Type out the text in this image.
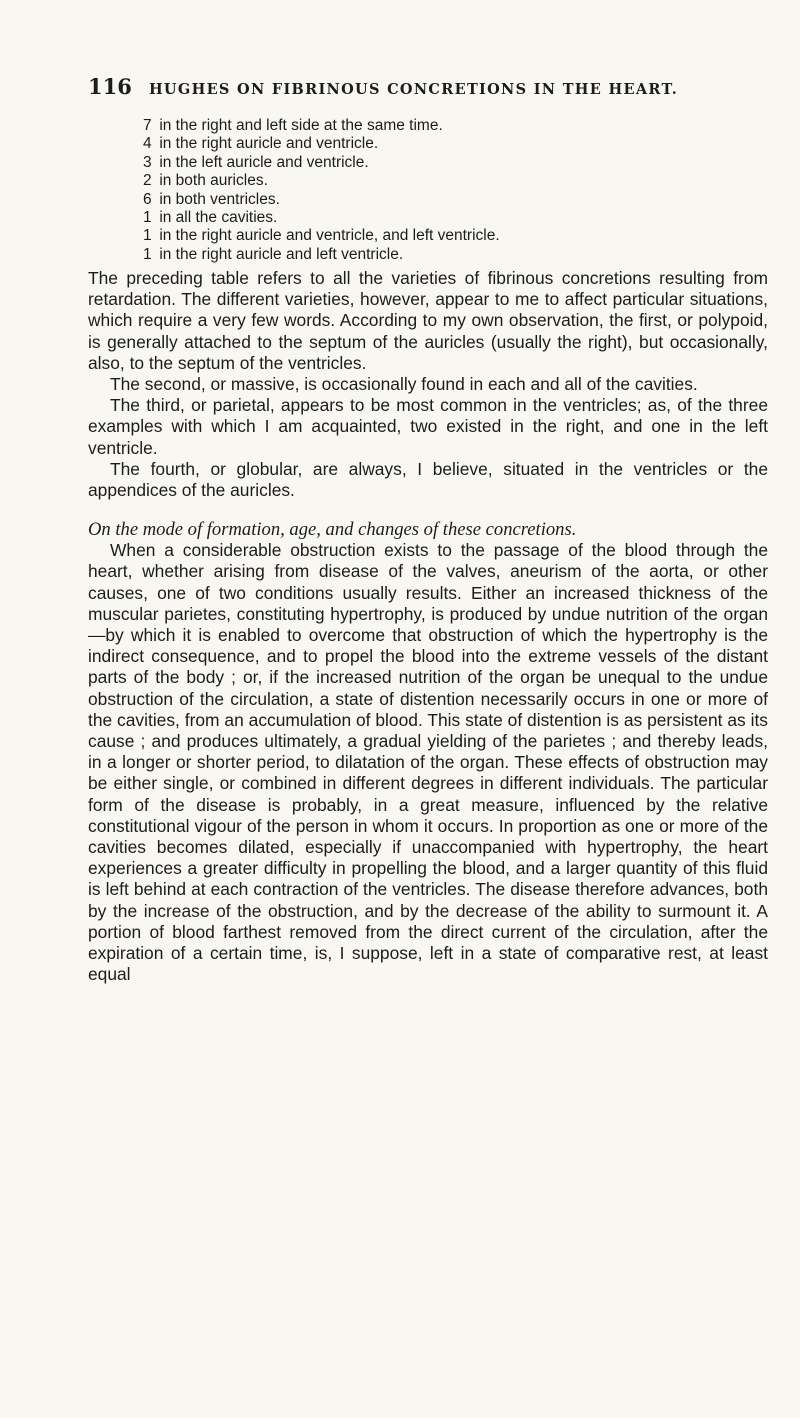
116 HUGHES ON FIBRINOUS CONCRETIONS IN THE HEART.
7 in the right and left side at the same time.
4 in the right auricle and ventricle.
3 in the left auricle and ventricle.
2 in both auricles.
6 in both ventricles.
1 in all the cavities.
1 in the right auricle and ventricle, and left ventricle.
1 in the right auricle and left ventricle.

The preceding table refers to all the varieties of fibrinous concretions resulting from retardation. The different varieties, however, appear to me to affect particular situations, which require a very few words. According to my own observation, the first, or polypoid, is generally attached to the septum of the auricles (usually the right), but occasionally, also, to the septum of the ventricles.

The second, or massive, is occasionally found in each and all of the cavities.

The third, or parietal, appears to be most common in the ventricles; as, of the three examples with which I am acquainted, two existed in the right, and one in the left ventricle.

The fourth, or globular, are always, I believe, situated in the ventricles or the appendices of the auricles.

On the mode of formation, age, and changes of these concretions.

When a considerable obstruction exists to the passage of the blood through the heart, whether arising from disease of the valves, aneurism of the aorta, or other causes, one of two conditions usually results. Either an increased thickness of the muscular parietes, constituting hypertrophy, is produced by undue nutrition of the organ—by which it is enabled to overcome that obstruction of which the hypertrophy is the indirect consequence, and to propel the blood into the extreme vessels of the distant parts of the body ; or, if the increased nutrition of the organ be unequal to the undue obstruction of the circulation, a state of distention necessarily occurs in one or more of the cavities, from an accumulation of blood. This state of distention is as persistent as its cause ; and produces ultimately, a gradual yielding of the parietes ; and thereby leads, in a longer or shorter period, to dilatation of the organ. These effects of obstruction may be either single, or combined in different degrees in different individuals. The particular form of the disease is probably, in a great measure, influenced by the relative constitutional vigour of the person in whom it occurs. In proportion as one or more of the cavities becomes dilated, especially if unaccompanied with hypertrophy, the heart experiences a greater difficulty in propelling the blood, and a larger quantity of this fluid is left behind at each contraction of the ventricles. The disease therefore advances, both by the increase of the obstruction, and by the decrease of the ability to surmount it. A portion of blood farthest removed from the direct current of the circulation, after the expiration of a certain time, is, I suppose, left in a state of comparative rest, at least equal
